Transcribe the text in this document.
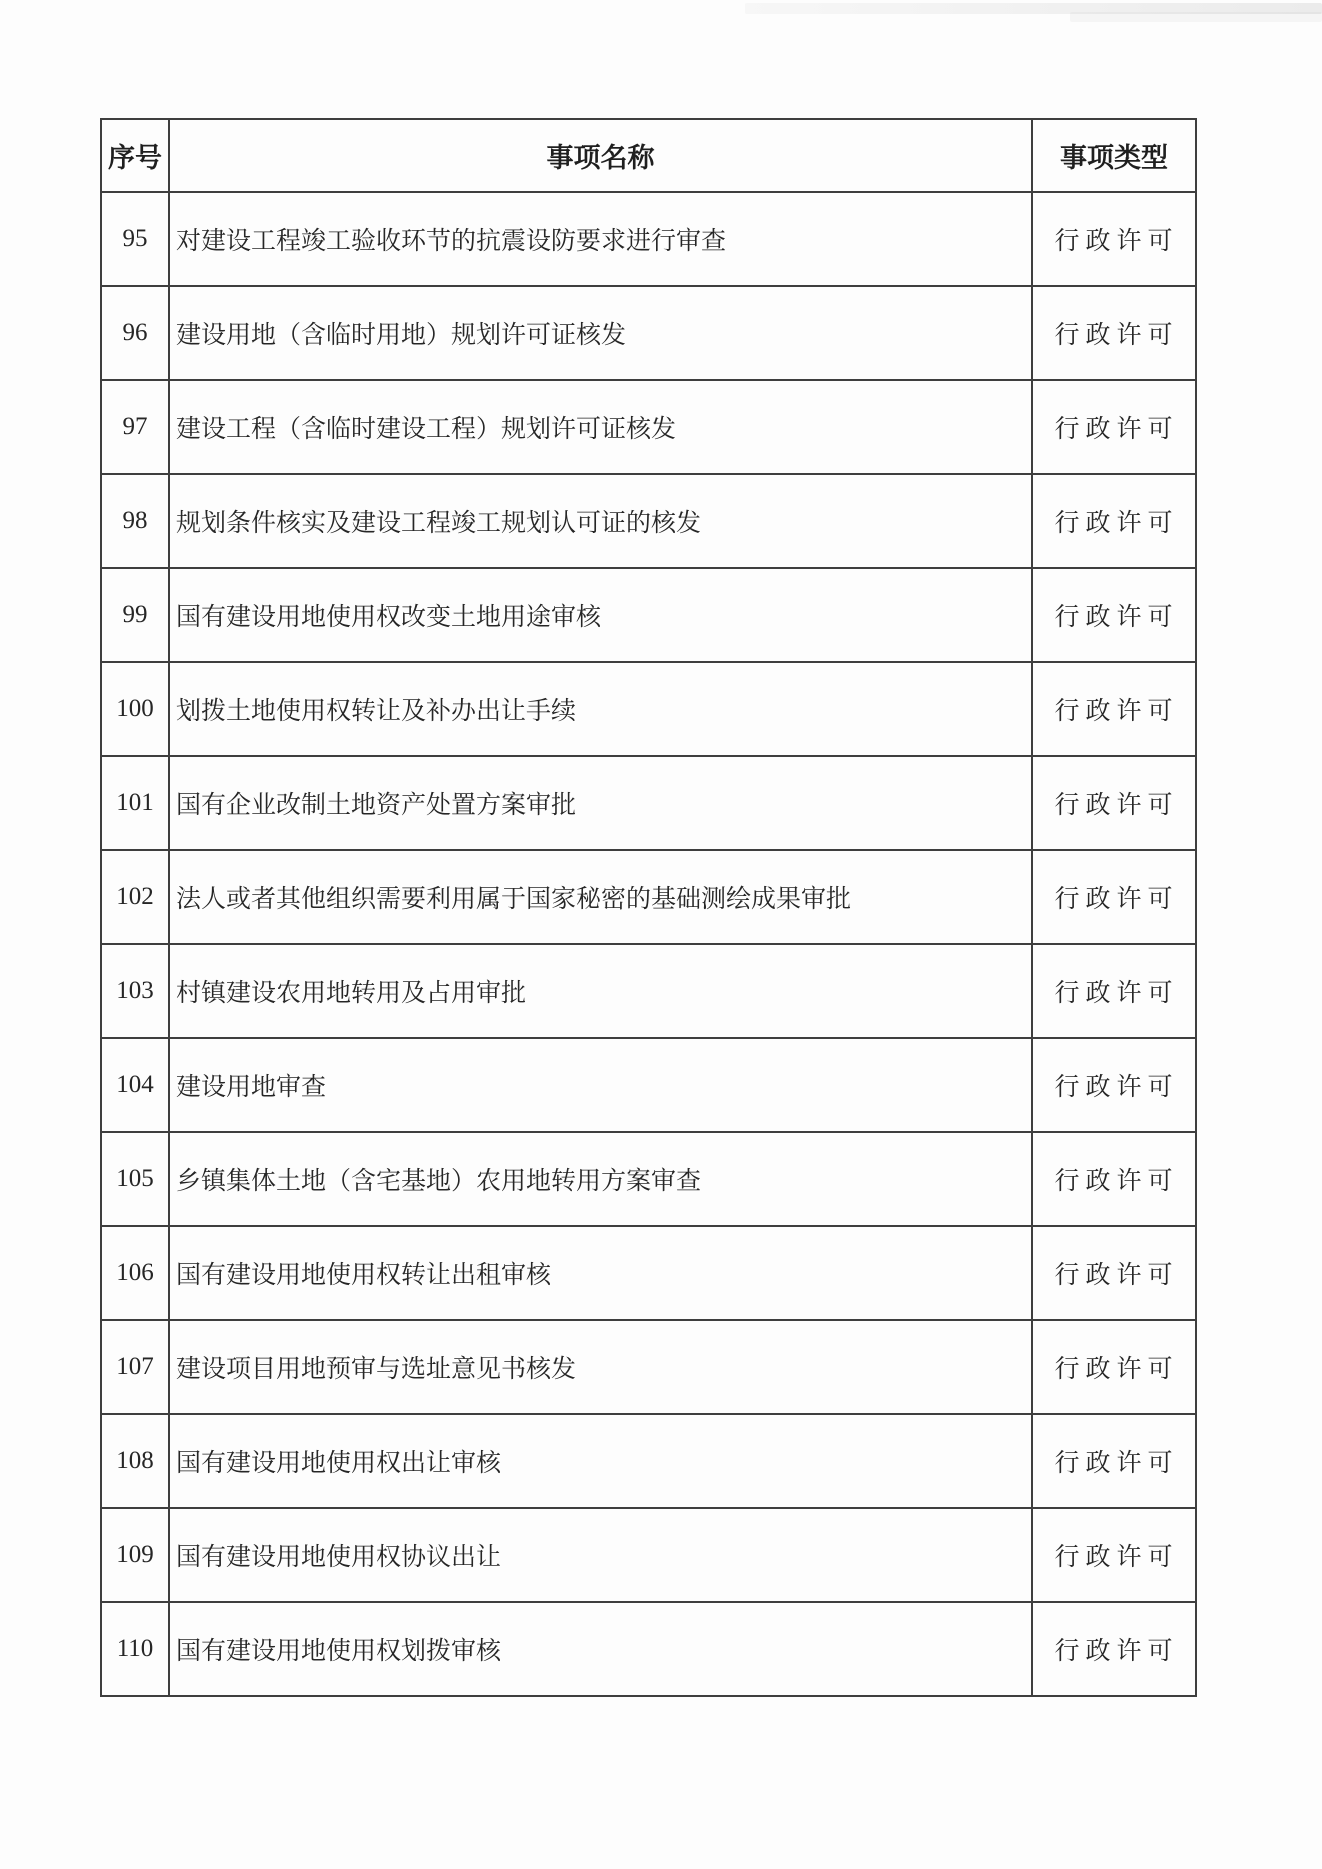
序号	事项名称	事项类型
95	对建设工程竣工验收环节的抗震设防要求进行审查	行政许可
96	建设用地（含临时用地）规划许可证核发	行政许可
97	建设工程（含临时建设工程）规划许可证核发	行政许可
98	规划条件核实及建设工程竣工规划认可证的核发	行政许可
99	国有建设用地使用权改变土地用途审核	行政许可
100	划拨土地使用权转让及补办出让手续	行政许可
101	国有企业改制土地资产处置方案审批	行政许可
102	法人或者其他组织需要利用属于国家秘密的基础测绘成果审批	行政许可
103	村镇建设农用地转用及占用审批	行政许可
104	建设用地审查	行政许可
105	乡镇集体土地（含宅基地）农用地转用方案审查	行政许可
106	国有建设用地使用权转让出租审核	行政许可
107	建设项目用地预审与选址意见书核发	行政许可
108	国有建设用地使用权出让审核	行政许可
109	国有建设用地使用权协议出让	行政许可
110	国有建设用地使用权划拨审核	行政许可
